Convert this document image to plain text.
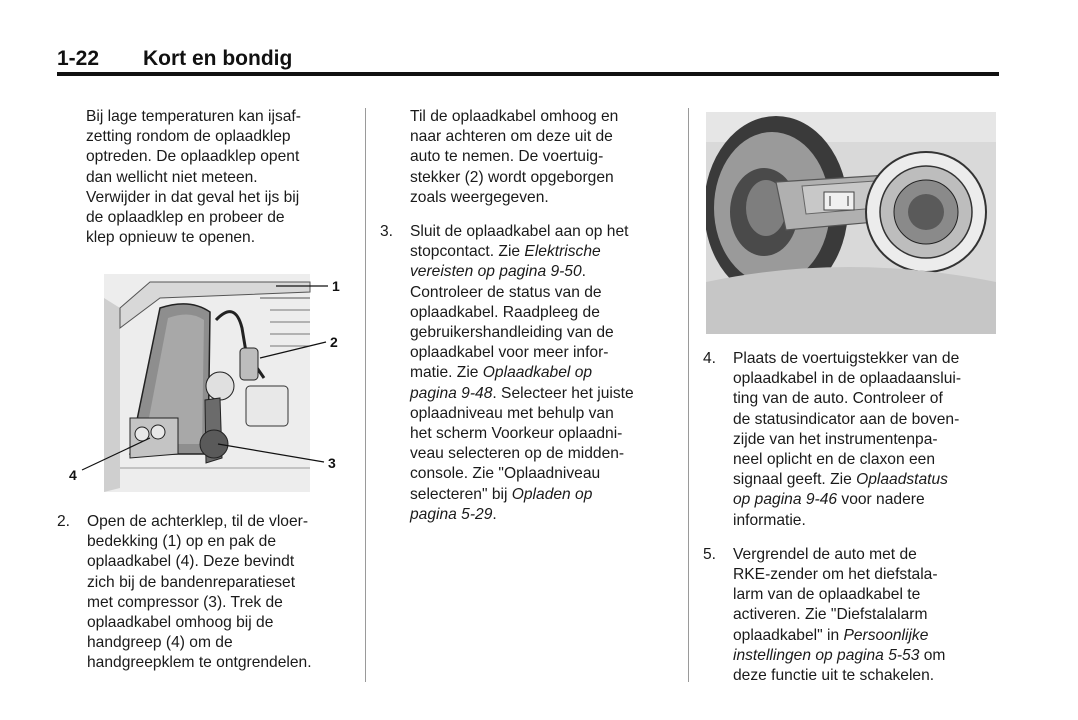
1-22 Kort en bondig

Bij lage temperaturen kan ijsaf-

zetting rondom de oplaadklep

optreden. De oplaadklep opent

dan wellicht niet meteen.

Verwijder in dat geval het ijs bij

de oplaadklep en probeer de

klep opnieuw te openen.

1
2
3
4
2. Open de achterklep, til de vloer-

bedekking (1) op en pak de

oplaadkabel (4). Deze bevindt

zich bij de bandenreparatieset

met compressor (3). Trek de

oplaadkabel omhoog bij de

handgreep (4) om de

handgreepklem te ontgrendelen.

Til de oplaadkabel omhoog en

naar achteren om deze uit de

auto te nemen. De voertuig-

stekker (2) wordt opgeborgen

zoals weergegeven.

3. Sluit de oplaadkabel aan op het

stopcontact. Zie Elektrische

vereisten op pagina 9-50.

Controleer de status van de

oplaadkabel. Raadpleeg de

gebruikershandleiding van de

oplaadkabel voor meer infor-

matie. Zie Oplaadkabel op

pagina 9-48. Selecteer het juiste

oplaadniveau met behulp van

het scherm Voorkeur oplaadni-

veau selecteren op de midden-

console. Zie "Oplaadniveau

selecteren" bij Opladen op

pagina 5-29.

4. Plaats de voertuigstekker van de

oplaadkabel in de oplaadaanslui-

ting van de auto. Controleer of

de statusindicator aan de boven-

zijde van het instrumentenpa-

neel oplicht en de claxon een

signaal geeft. Zie Oplaadstatus

op pagina 9-46 voor nadere

informatie.

5. Vergrendel de auto met de

RKE-zender om het diefstala-

larm van de oplaadkabel te

activeren. Zie "Diefstalalarm

oplaadkabel" in Persoonlijke

instellingen op pagina 5-53 om

deze functie uit te schakelen.
